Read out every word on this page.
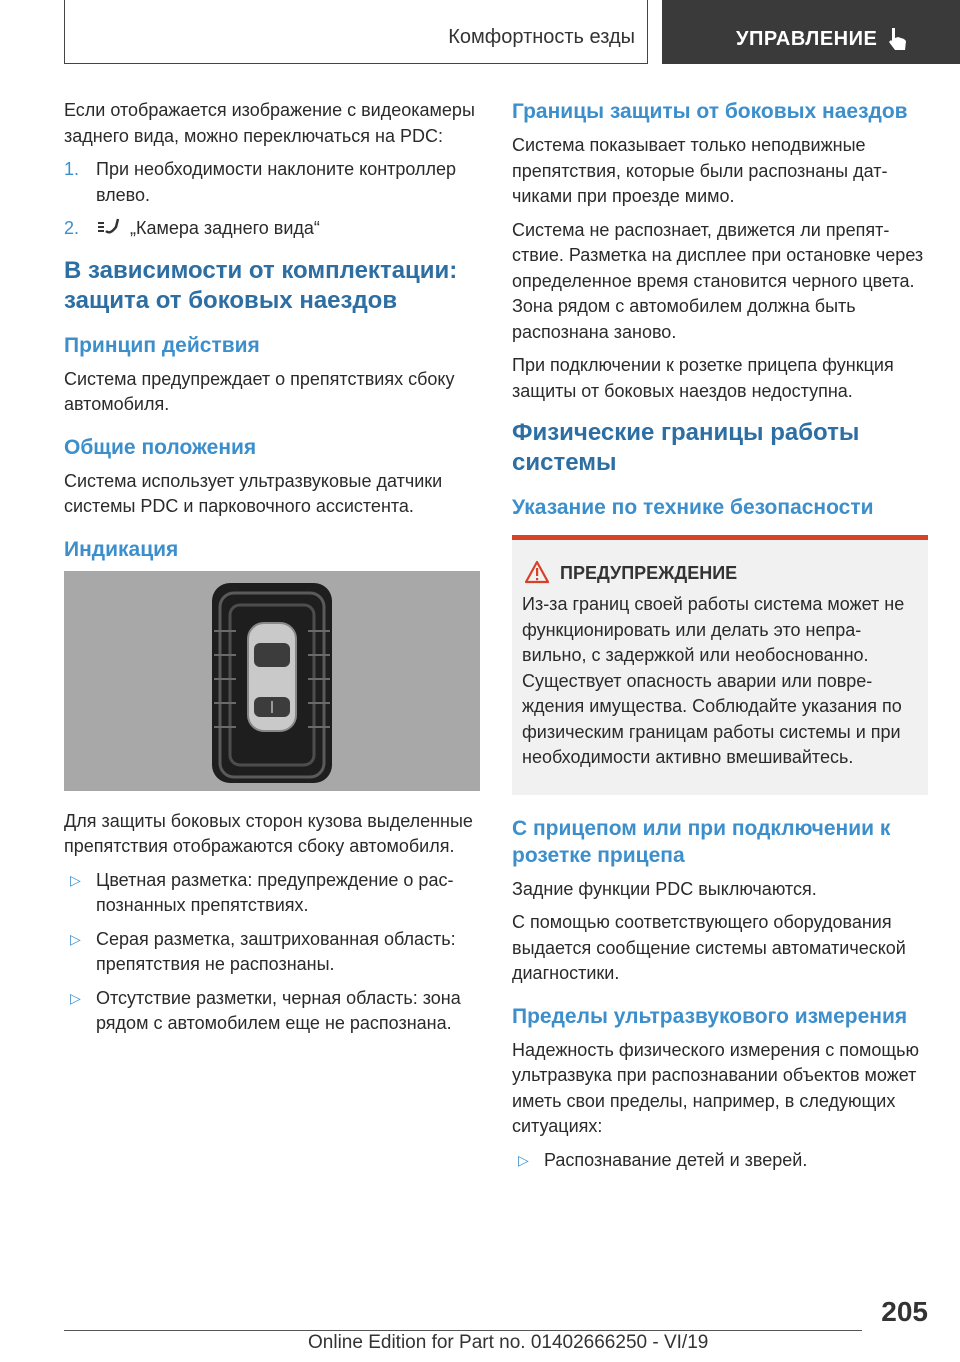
Комфортность езды	УПРАВЛЕНИЕ

Если отображается изображение с видеокамеры заднего вида, можно переключаться на PDC:

1. При необходимости наклоните контроллер влево.
2.	„Камера заднего вида“
В зависимости от комплектации: защита от боковых наездов
Принцип действия

Система предупреждает о препятствиях сбоку автомобиля.

Общие положения

Система использует ультразвуковые датчики системы PDC и парковочного ассистента.

Индикация

Для защиты боковых сторон кузова выделенные препятствия отображаются сбоку автомобиля.

▷ Цветная разметка: предупреждение о распознанных препятствиях.
▷ Серая разметка, заштрихованная область: препятствия не распознаны.
▷ Отсутствие разметки, черная область: зона рядом с автомобилем еще не распознана.
Границы защиты от боковых наездов

Система показывает только неподвижные препятствия, которые были распознаны датчиками при проезде мимо.

Система не распознает, движется ли препятствие. Разметка на дисплее при остановке через определенное время становится черного цвета. Зона рядом с автомобилем должна быть распознана заново.

При подключении к розетке прицепа функция защиты от боковых наездов недоступна.

Физические границы работы системы
Указание по технике безопасности
ПРЕДУПРЕЖДЕНИЕ

Из-за границ своей работы система может не функционировать или делать это неправильно, с задержкой или необоснованно. Существует опасность аварии или повреждения имущества. Соблюдайте указания по физическим границам работы системы и при необходимости активно вмешивайтесь.

С прицепом или при подключении к розетке прицепа

Задние функции PDC выключаются.

С помощью соответствующего оборудования выдается сообщение системы автоматической диагностики.

Пределы ультразвукового измерения

Надежность физического измерения с помощью ультразвука при распознавании объектов может иметь свои пределы, например, в следующих ситуациях:

▷ Распознавание детей и зверей.
205
Online Edition for Part no. 01402666250 - VI/19
